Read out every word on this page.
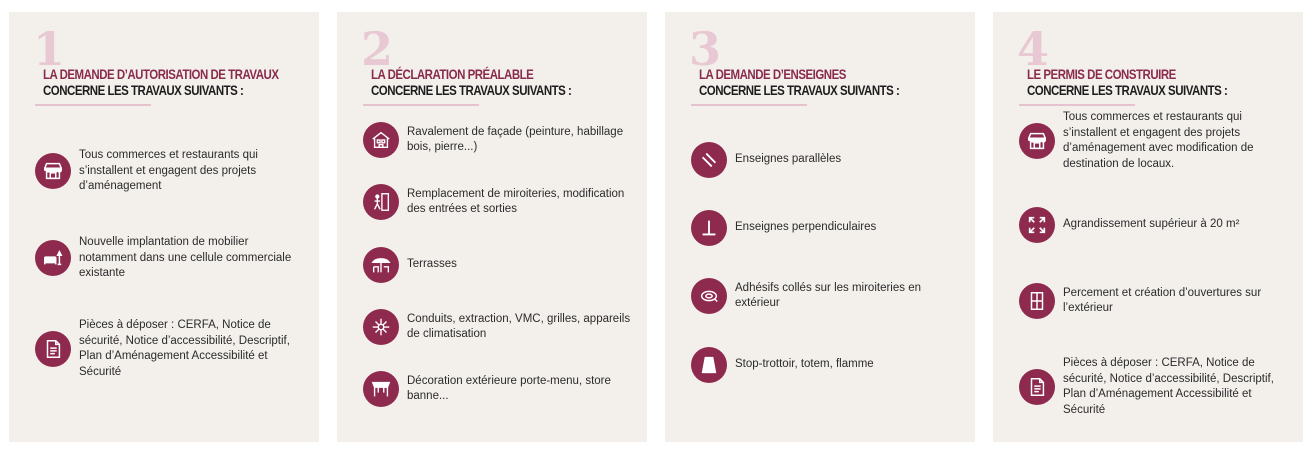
1
LA DEMANDE D’AUTORISATION DE TRAVAUX
CONCERNE LES TRAVAUX SUIVANTS :
Tous commerces et restaurants qui s’installent et engagent des projets d’aménagement
Nouvelle implantation de mobilier notamment dans une cellule commerciale existante
Pièces à déposer : CERFA, Notice de sécurité, Notice d’accessibilité, Descriptif, Plan d’Aménagement Accessibilité et Sécurité
2
LA DÉCLARATION PRÉALABLE
CONCERNE LES TRAVAUX SUIVANTS :
Ravalement de façade (peinture, habillage bois, pierre...)
Remplacement de miroiteries, modification des entrées et sorties
Terrasses
Conduits, extraction, VMC, grilles, appareils de climatisation
Décoration extérieure porte-menu, store banne...
3
LA DEMANDE D’ENSEIGNES
CONCERNE LES TRAVAUX SUIVANTS :
Enseignes parallèles
Enseignes perpendiculaires
Adhésifs collés sur les miroiteries en extérieur
Stop-trottoir, totem, flamme
4
LE PERMIS DE CONSTRUIRE
CONCERNE LES TRAVAUX SUIVANTS :
Tous commerces et restaurants qui s’installent et engagent des projets d’aménagement avec modification de destination de locaux.
Agrandissement supérieur à 20 m²
Percement et création d’ouvertures sur l’extérieur
Pièces à déposer : CERFA, Notice de sécurité, Notice d’accessibilité, Descriptif, Plan d’Aménagement Accessibilité et Sécurité
